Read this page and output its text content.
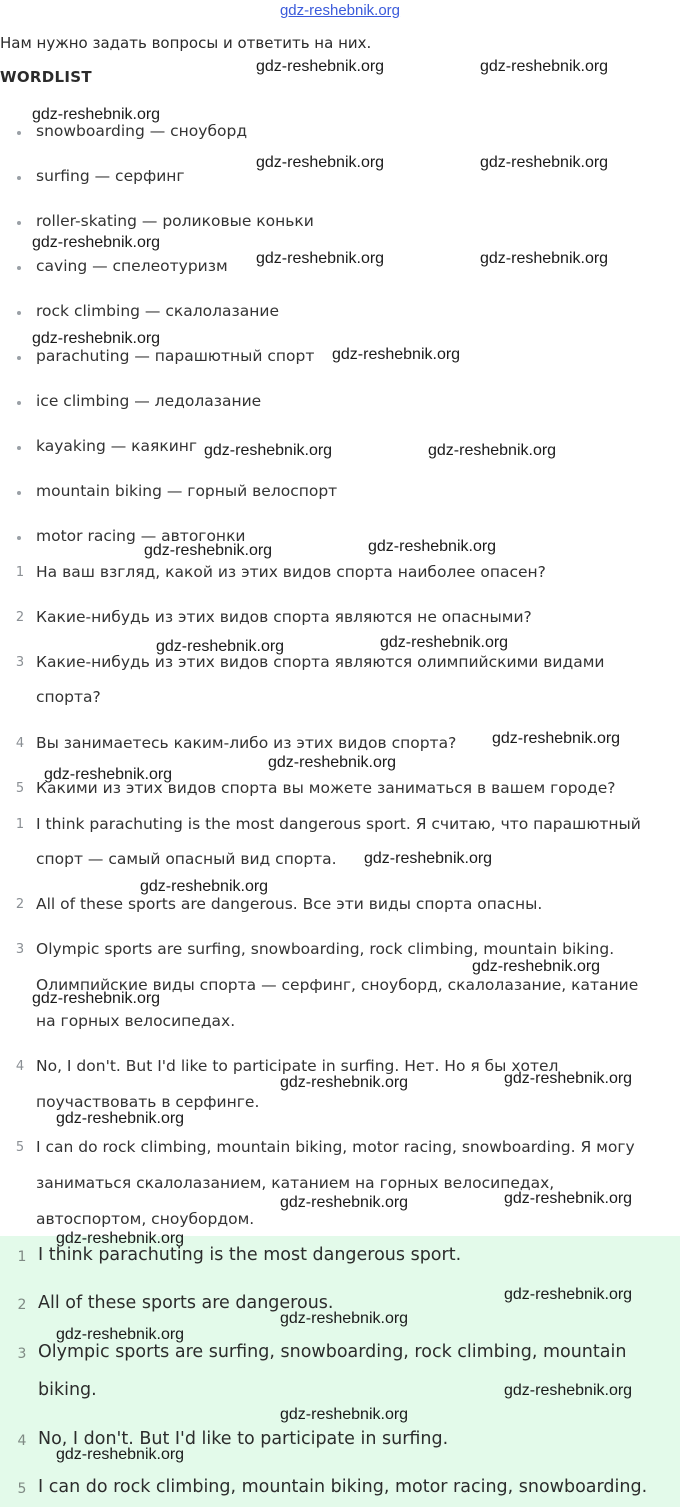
gdz-reshebnik.org
Нам нужно задать вопросы и ответить на них.
WORDLIST
snowboarding — сноуборд
surfing — серфинг
roller-skating — роликовые коньки
caving — спелеотуризм
rock climbing — скалолазание
parachuting — парашютный спорт
ice climbing — ледолазание
kayaking — каякинг
mountain biking — горный велоспорт
motor racing — автогонки
1 На ваш взгляд, какой из этих видов спорта наиболее опасен?
2 Какие-нибудь из этих видов спорта являются не опасными?
3 Какие-нибудь из этих видов спорта являются олимпийскими видами
спорта?
4 Вы занимаетесь каким-либо из этих видов спорта?
5 Какими из этих видов спорта вы можете заниматься в вашем городе?
1 I think parachuting is the most dangerous sport. Я считаю, что парашютный
спорт — самый опасный вид спорта.
2 All of these sports are dangerous. Все эти виды спорта опасны.
3 Olympic sports are surfing, snowboarding, rock climbing, mountain biking.
Олимпийские виды спорта — серфинг, сноуборд, скалолазание, катание
на горных велосипедах.
4 No, I don't. But I'd like to participate in surfing. Нет. Но я бы хотел
поучаствовать в серфинге.
5 I can do rock climbing, mountain biking, motor racing, snowboarding. Я могу
заниматься скалолазанием, катанием на горных велосипедах,
автоспортом, сноубордом.
1 I think parachuting is the most dangerous sport.
2 All of these sports are dangerous.
3 Olympic sports are surfing, snowboarding, rock climbing, mountain
biking.
4 No, I don't. But I'd like to participate in surfing.
5 I can do rock climbing, mountain biking, motor racing, snowboarding.
gdz-reshebnik.org	gdz-reshebnik.org
gdz-reshebnik.org
gdz-reshebnik.org	gdz-reshebnik.org
gdz-reshebnik.org
gdz-reshebnik.org	gdz-reshebnik.org
gdz-reshebnik.org
gdz-reshebnik.org
gdz-reshebnik.org	gdz-reshebnik.org
gdz-reshebnik.org	gdz-reshebnik.org
gdz-reshebnik.org	gdz-reshebnik.org
gdz-reshebnik.org
gdz-reshebnik.org
gdz-reshebnik.org
gdz-reshebnik.org
gdz-reshebnik.org
gdz-reshebnik.org
gdz-reshebnik.org
gdz-reshebnik.org	gdz-reshebnik.org
gdz-reshebnik.org
gdz-reshebnik.org
gdz-reshebnik.org
gdz-reshebnik.org
gdz-reshebnik.org
gdz-reshebnik.org
gdz-reshebnik.org
gdz-reshebnik.org
gdz-reshebnik.org
gdz-reshebnik.org
